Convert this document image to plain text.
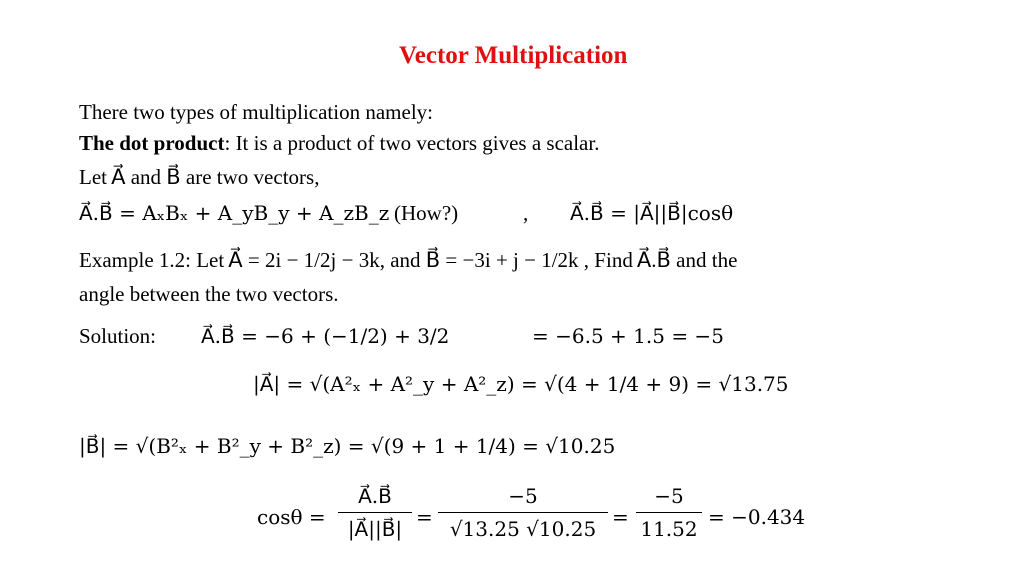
Vector Multiplication
There two types of multiplication namely:
The dot product: It is a product of two vectors gives a scalar.
Let A⃗ and B⃗ are two vectors,
A⃗.B⃗ = AₓBₓ + A_yB_y + A_zB_z (How?)	, A⃗.B⃗ = |A⃗||B⃗|cosθ
Example 1.2: Let A⃗ = 2i − 1/2j − 3k, and B⃗ = −3i + j − 1/2k , Find A⃗.B⃗ and the
angle between the two vectors.
Solution: A⃗.B⃗ = −6 + (−1/2) + 3/2	= −6.5 + 1.5 = −5
|A⃗| = √(A²ₓ + A²_y + A²_z) = √(4 + 1/4 + 9) = √13.75
|B⃗| = √(B²ₓ + B²_y + B²_z) = √(9 + 1 + 1/4) = √10.25
cosθ =
A⃗.B⃗
|A⃗||B⃗| =
−5
√13.25 √10.25 =
−5
11.52 = −0.434
